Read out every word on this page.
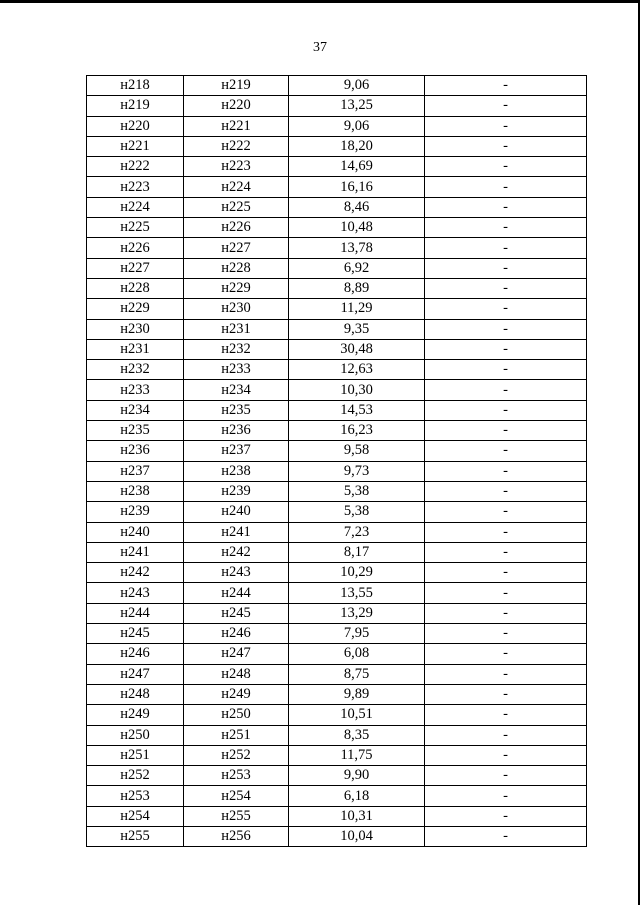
37
н218	н219	9,06	-
н219	н220	13,25	-
н220	н221	9,06	-
н221	н222	18,20	-
н222	н223	14,69	-
н223	н224	16,16	-
н224	н225	8,46	-
н225	н226	10,48	-
н226	н227	13,78	-
н227	н228	6,92	-
н228	н229	8,89	-
н229	н230	11,29	-
н230	н231	9,35	-
н231	н232	30,48	-
н232	н233	12,63	-
н233	н234	10,30	-
н234	н235	14,53	-
н235	н236	16,23	-
н236	н237	9,58	-
н237	н238	9,73	-
н238	н239	5,38	-
н239	н240	5,38	-
н240	н241	7,23	-
н241	н242	8,17	-
н242	н243	10,29	-
н243	н244	13,55	-
н244	н245	13,29	-
н245	н246	7,95	-
н246	н247	6,08	-
н247	н248	8,75	-
н248	н249	9,89	-
н249	н250	10,51	-
н250	н251	8,35	-
н251	н252	11,75	-
н252	н253	9,90	-
н253	н254	6,18	-
н254	н255	10,31	-
н255	н256	10,04	-
